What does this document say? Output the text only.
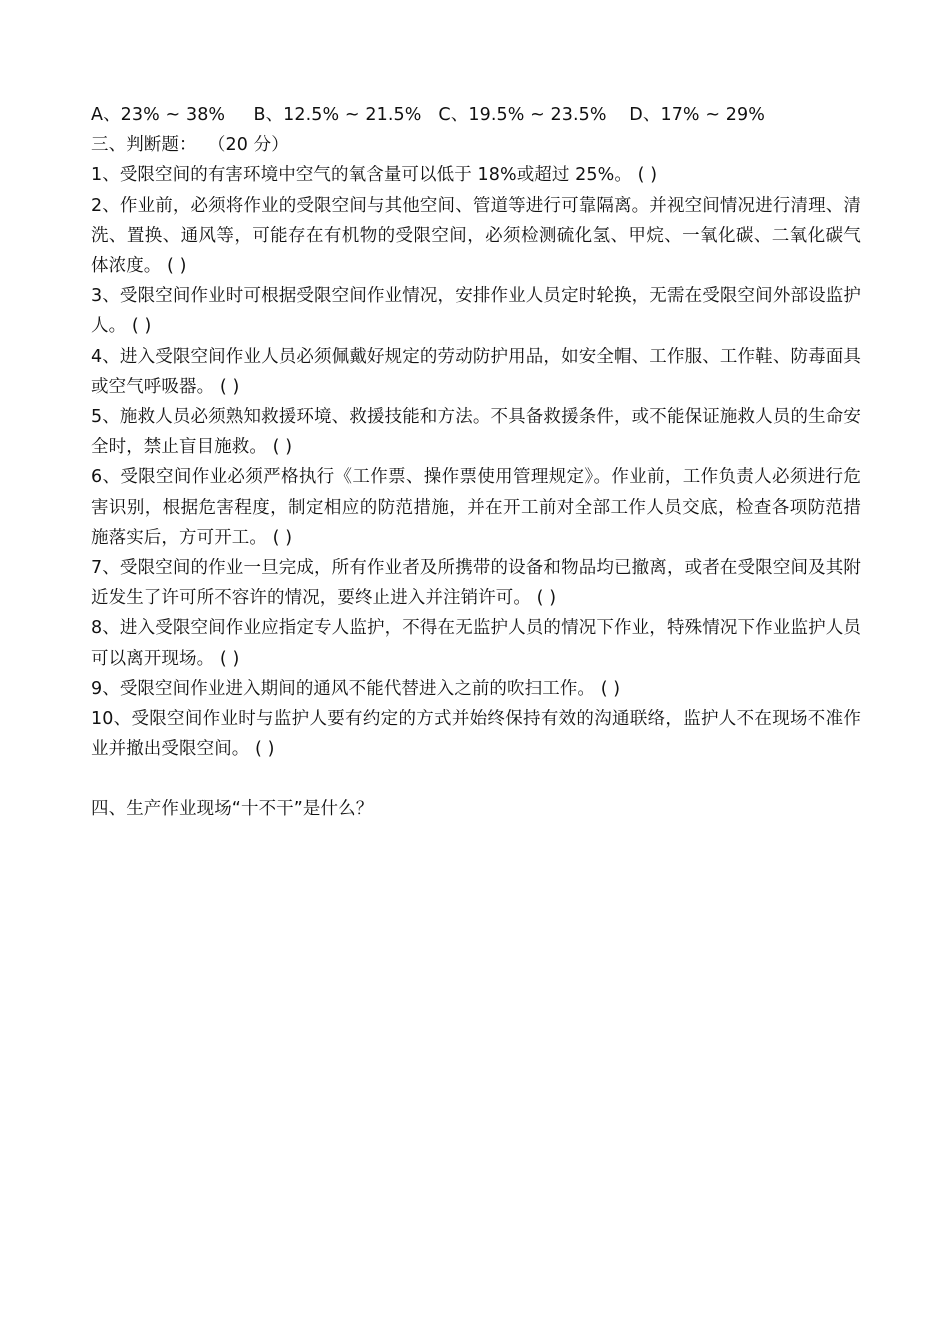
A、23% ~ 38%     B、12.5% ~ 21.5%   C、19.5% ~ 23.5%    D、17% ~ 29%
三、判断题：  （20 分）
1、受限空间的有害环境中空气的氧含量可以低于 18%或超过 25%。 ( )
2、作业前，必须将作业的受限空间与其他空间、管道等进行可靠隔离。并视空间情况进行清理、清洗、置换、通风等，可能存在有机物的受限空间，必须检测硫化氢、甲烷、一氧化碳、二氧化碳气体浓度。 ( )
3、受限空间作业时可根据受限空间作业情况，安排作业人员定时轮换，无需在受限空间外部设监护人。 ( )
4、进入受限空间作业人员必须佩戴好规定的劳动防护用品，如安全帽、工作服、工作鞋、防毒面具或空气呼吸器。 ( )
5、施救人员必须熟知救援环境、救援技能和方法。不具备救援条件，或不能保证施救人员的生命安全时，禁止盲目施救。 ( )
6、受限空间作业必须严格执行《工作票、操作票使用管理规定》。作业前，工作负责人必须进行危害识别，根据危害程度，制定相应的防范措施，并在开工前对全部工作人员交底，检查各项防范措施落实后，方可开工。 ( )
7、受限空间的作业一旦完成，所有作业者及所携带的设备和物品均已撤离，或者在受限空间及其附近发生了许可所不容许的情况，要终止进入并注销许可。 ( )
8、进入受限空间作业应指定专人监护，不得在无监护人员的情况下作业，特殊情况下作业监护人员可以离开现场。 ( )
9、受限空间作业进入期间的通风不能代替进入之前的吹扫工作。 ( )
10、受限空间作业时与监护人要有约定的方式并始终保持有效的沟通联络，监护人不在现场不准作业并撤出受限空间。 ( )
四、生产作业现场“十不干”是什么？
